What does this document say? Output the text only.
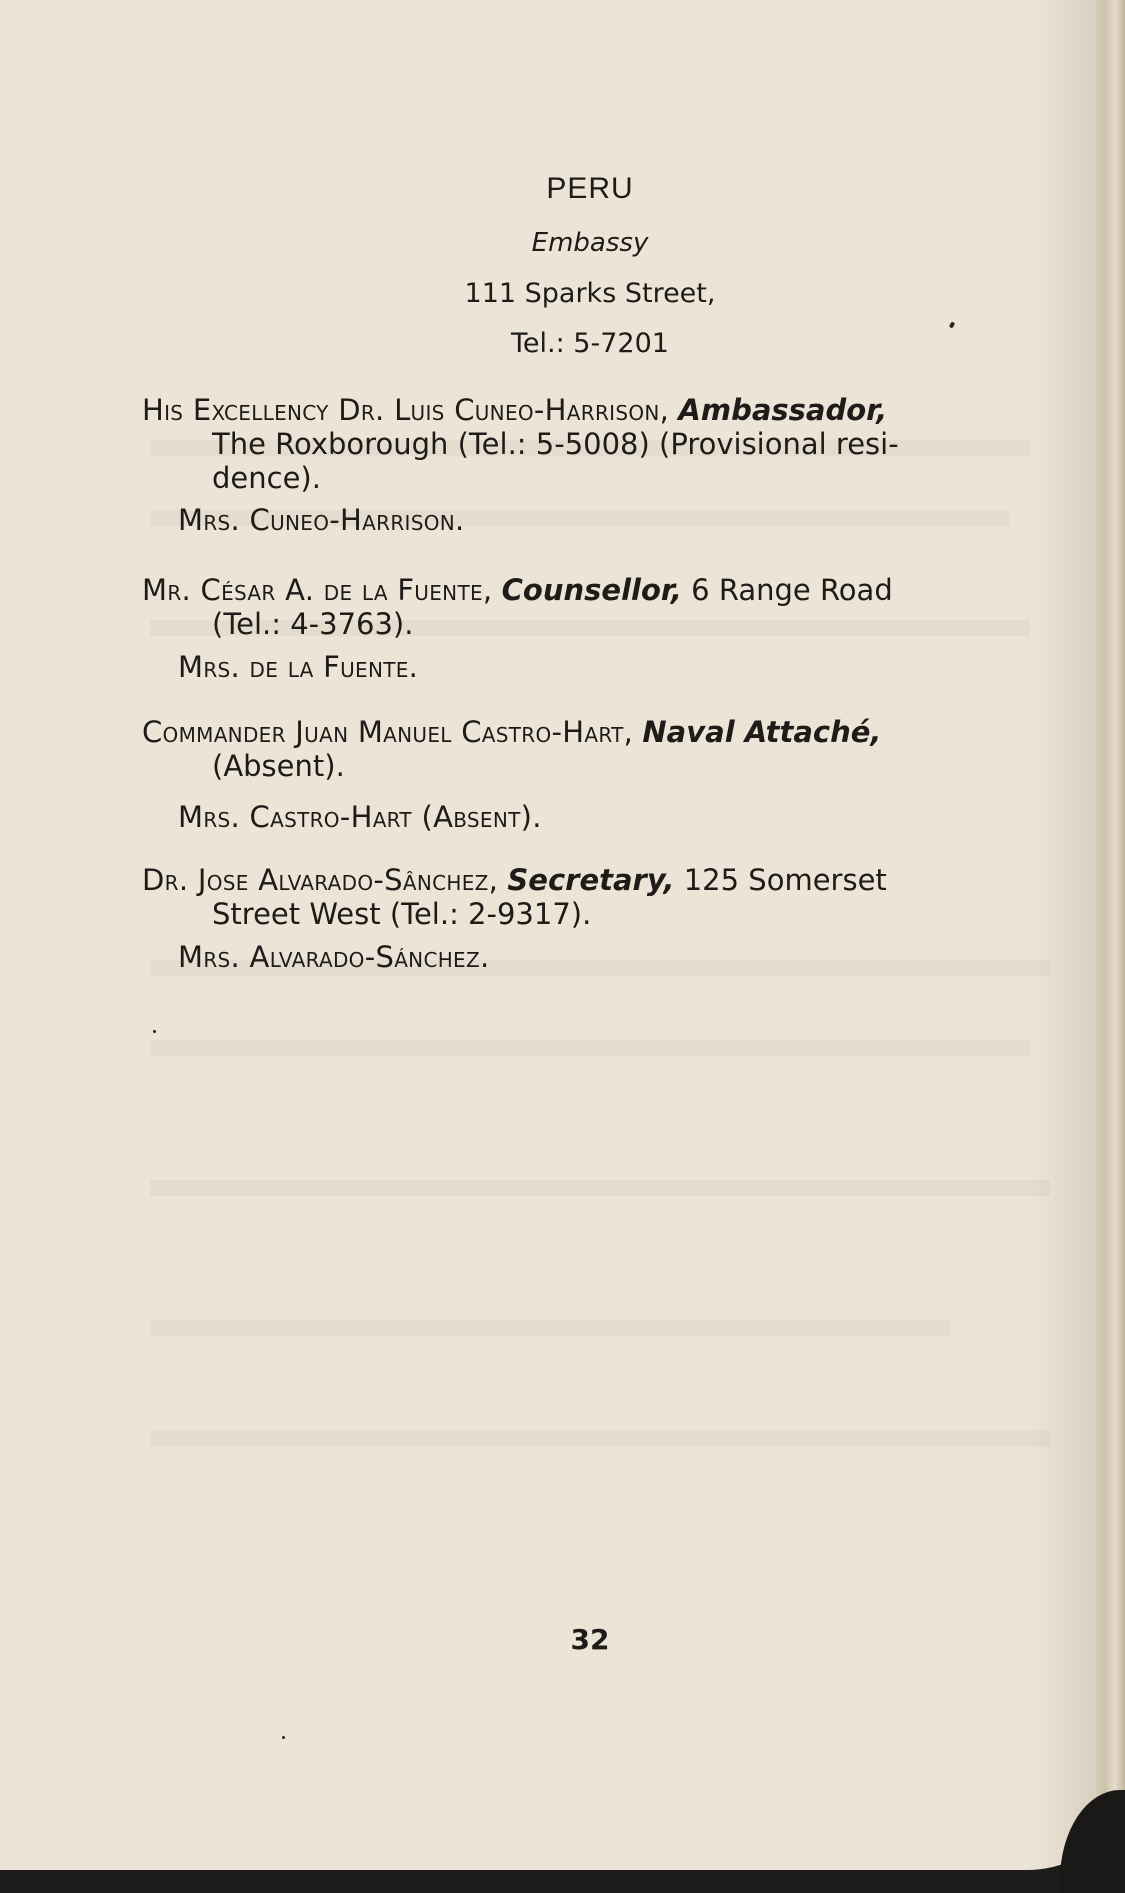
PERU
Embassy
111 Sparks Street,
Tel.: 5-7201
His Excellency Dr. Luis Cuneo-Harrison, Ambassador,
The Roxborough (Tel.: 5-5008) (Provisional resi-
dence).
Mrs. Cuneo-Harrison.
Mr. César A. de la Fuente, Counsellor, 6 Range Road
(Tel.: 4-3763).
Mrs. de la Fuente.
Commander Juan Manuel Castro-Hart, Naval Attaché,
(Absent).
Mrs. Castro-Hart (Absent).
Dr. Jose Alvarado-Sânchez, Secretary, 125 Somerset
Street West (Tel.: 2-9317).
Mrs. Alvarado-Sánchez.
32
